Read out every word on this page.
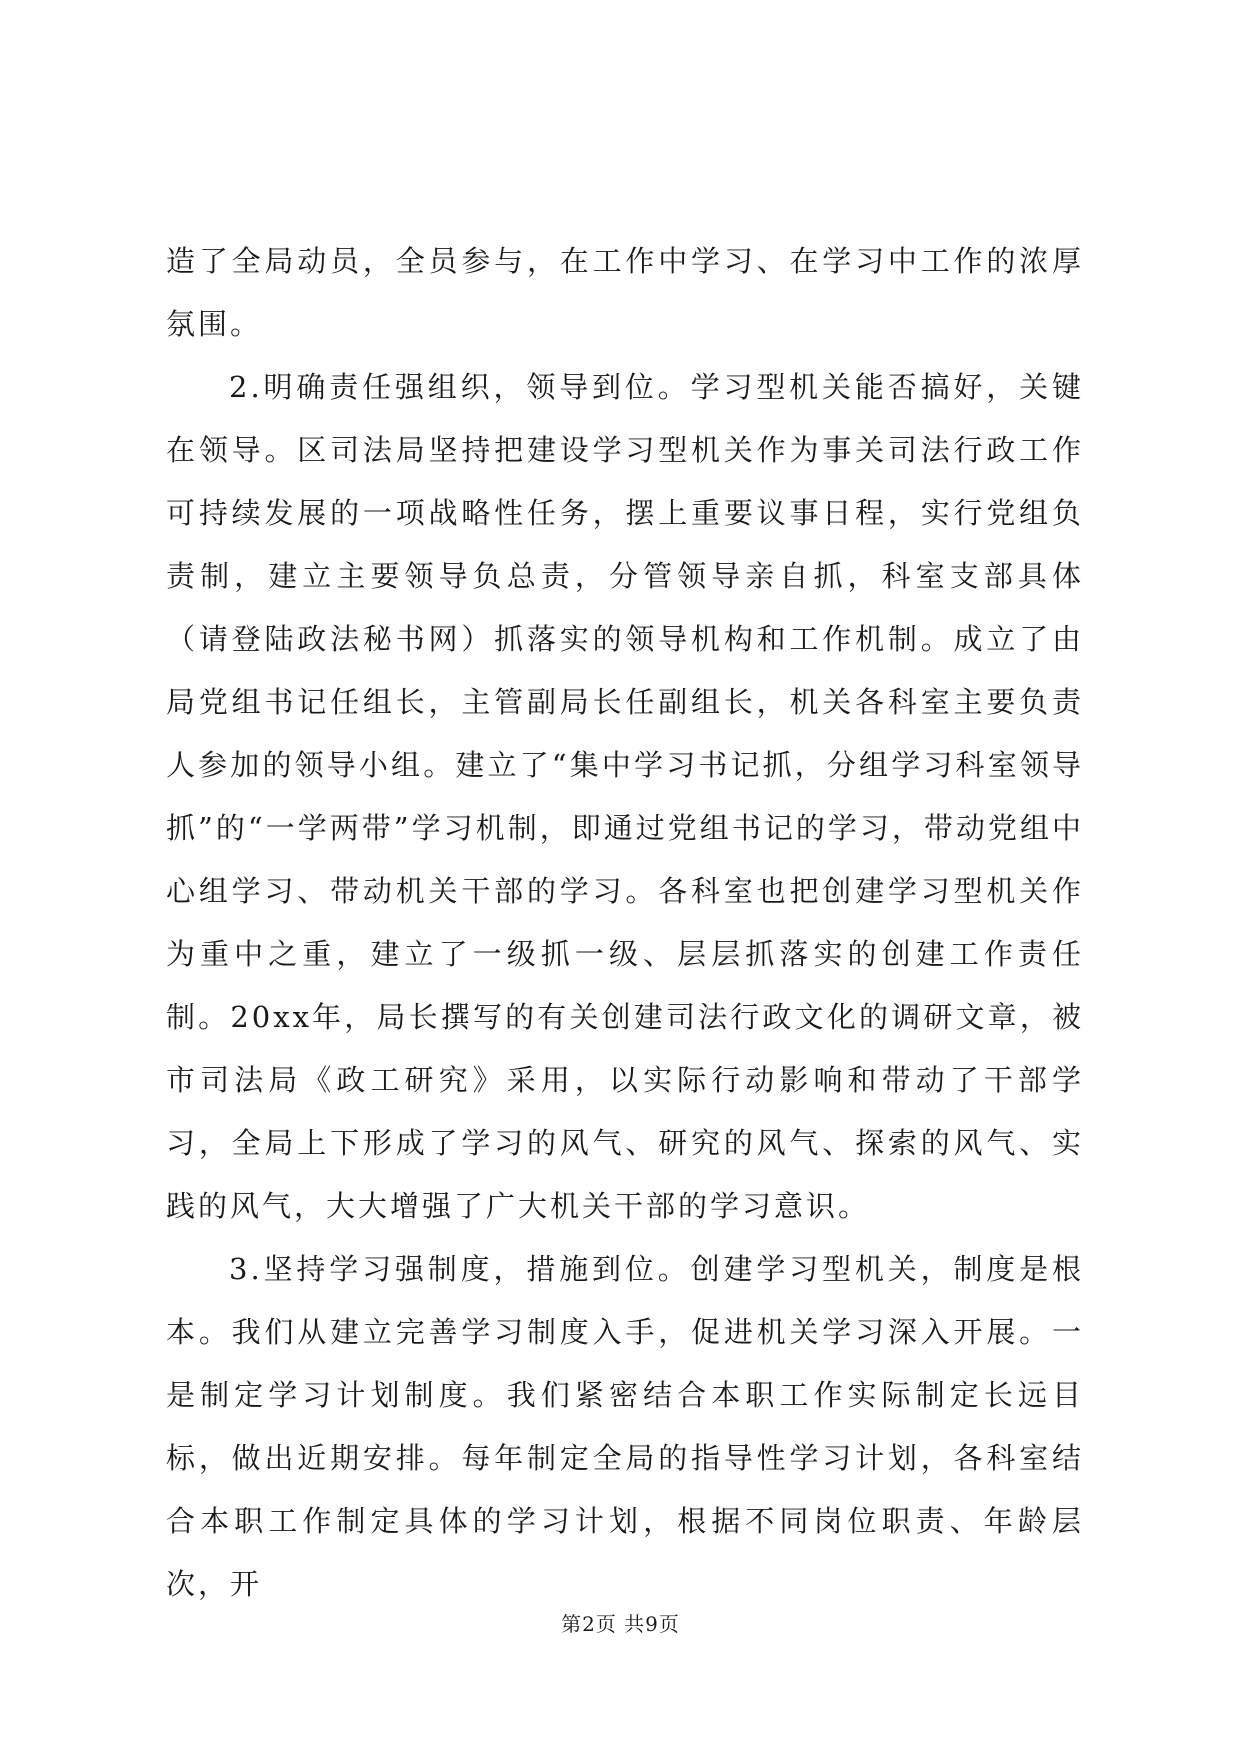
造了全局动员，全员参与，在工作中学习、在学习中工作的浓厚氛围。

2.明确责任强组织，领导到位。学习型机关能否搞好，关键在领导。区司法局坚持把建设学习型机关作为事关司法行政工作可持续发展的一项战略性任务，摆上重要议事日程，实行党组负责制，建立主要领导负总责，分管领导亲自抓，科室支部具体（请登陆政法秘书网）抓落实的领导机构和工作机制。成立了由局党组书记任组长，主管副局长任副组长，机关各科室主要负责人参加的领导小组。建立了“集中学习书记抓，分组学习科室领导抓”的“一学两带”学习机制，即通过党组书记的学习，带动党组中心组学习、带动机关干部的学习。各科室也把创建学习型机关作为重中之重，建立了一级抓一级、层层抓落实的创建工作责任制。20xx年，局长撰写的有关创建司法行政文化的调研文章，被市司法局《政工研究》采用，以实际行动影响和带动了干部学习，全局上下形成了学习的风气、研究的风气、探索的风气、实践的风气，大大增强了广大机关干部的学习意识。

3.坚持学习强制度，措施到位。创建学习型机关，制度是根本。我们从建立完善学习制度入手，促进机关学习深入开展。一是制定学习计划制度。我们紧密结合本职工作实际制定长远目标，做出近期安排。每年制定全局的指导性学习计划，各科室结合本职工作制定具体的学习计划，根据不同岗位职责、年龄层次，开

第2页 共9页
